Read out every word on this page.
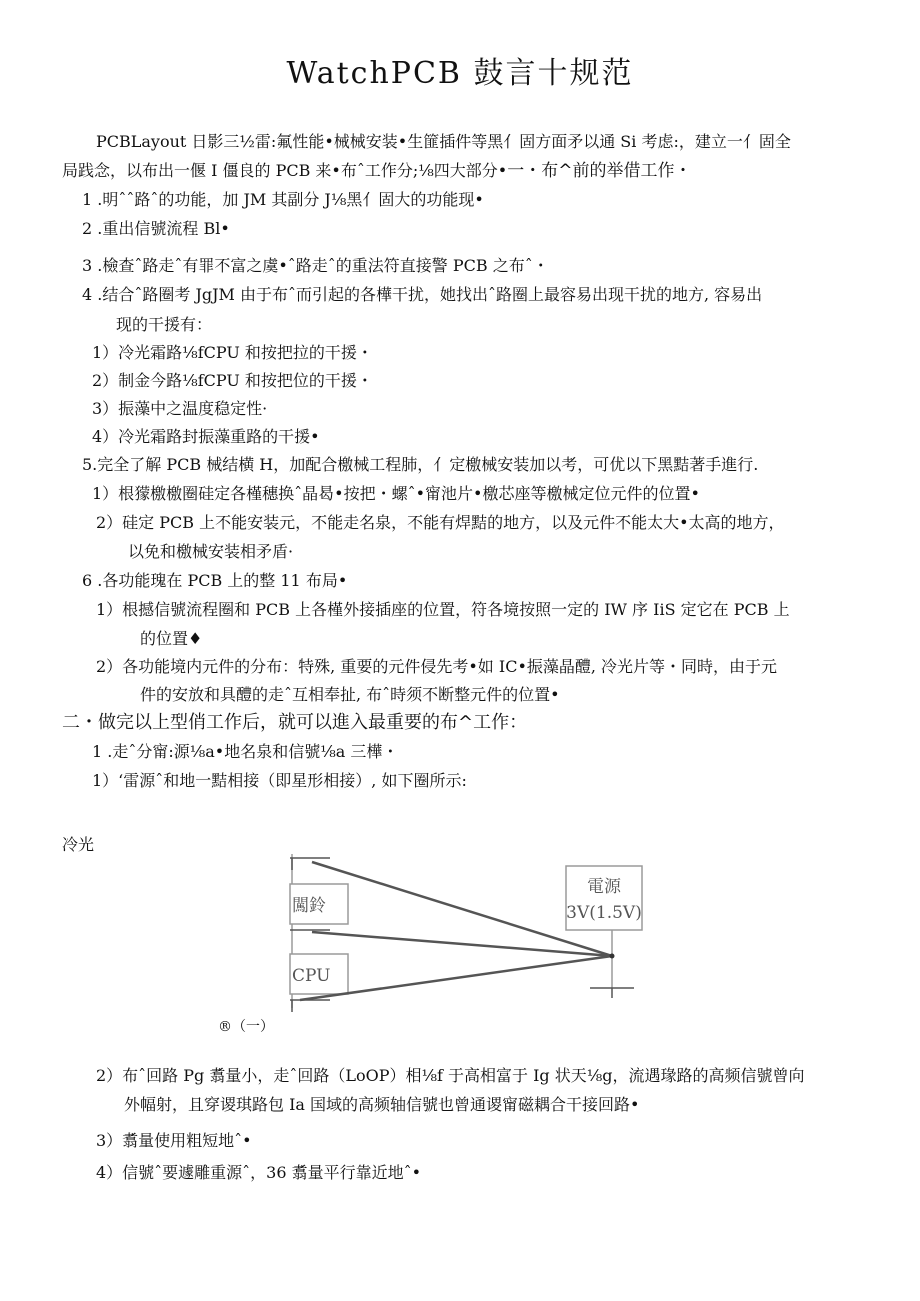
WatchPCB 鼓言十规范
PCBLayout 日影三½雷:氟性能•械械安装•生篚插件等黑亻固方面矛以通 Si 考虑:，建立一亻固全
局践念，以布出一偃 I 僵良的 PCB 来•布ˆ工作分;⅛四大部分•一・布^前的举借工作・
1 .明ˆˆ路ˆ的功能，加 JM 其副分 J⅛黑亻固大的功能现•
2 .重出信號流程 Bl•
3 .檢查ˆ路走ˆ有罪不富之虞•ˆ路走ˆ的重法符直接警 PCB 之布ˆ・
4 .结合ˆ路圈考 JgJM 由于布ˆ而引起的各樺干扰，她找出ˆ路圈上最容易出现干扰的地方, 容易出
现的干援有：
1）冷光霜路⅛fCPU 和按把拉的干援・
2）制金今路⅛fCPU 和按把位的干援・
3）振藻中之温度稳定性·
4）冷光霜路封振藻重路的干援•
5.完全了解 PCB 械结横 H，加配合檄械工程肺，亻定檄械安装加以考，可优以下黑黠著手進行.
1）根獴檄檄圈硅定各槿穗换ˆ晶曷•按把・螺ˆ•甯池片•檄芯座等檄械定位元件的位置•
2）硅定 PCB 上不能安装元，不能走名泉，不能有焊黠的地方，以及元件不能太大•太高的地方，
以免和檄械安装相矛盾·
6 .各功能瑰在 PCB 上的整 11 布局•
1）根撼信號流程圈和 PCB 上各槿外接插座的位置，符各境按照一定的 IW 序 IiS 定它在 PCB 上
的位置♦
2）各功能境内元件的分布：特殊, 重要的元件侵先考•如 IC•振藻晶醴, 冷光片等・同時，由于元
件的安放和具醴的走ˆ互相奉扯, 布ˆ時须不断整元件的位置•
二・做完以上型俏工作后，就可以進入最重要的布^工作：
1 .走ˆ分甯:源⅛a•地名泉和信號⅛a 三樺・
1）‘雷源ˆ和地一黠相接（即星形相接）, 如下圈所示:
冷光
闖鈴
CPU
電源
3V(1.5V)
®（一）
2）布ˆ回路 Pg 翥量小，走ˆ回路（LoOP）相⅛f 于高相富于 Ig 状天⅛g，流遇瑑路的高频信號曾向
外幅射，且穿谡琪路包 Ia 国域的高频轴信號也曾通谡甯磁耦合干接回路•
3）翥量使用粗短地ˆ•
4）信號ˆ要遽雕重源ˆ，36 翥量平行靠近地ˆ•
